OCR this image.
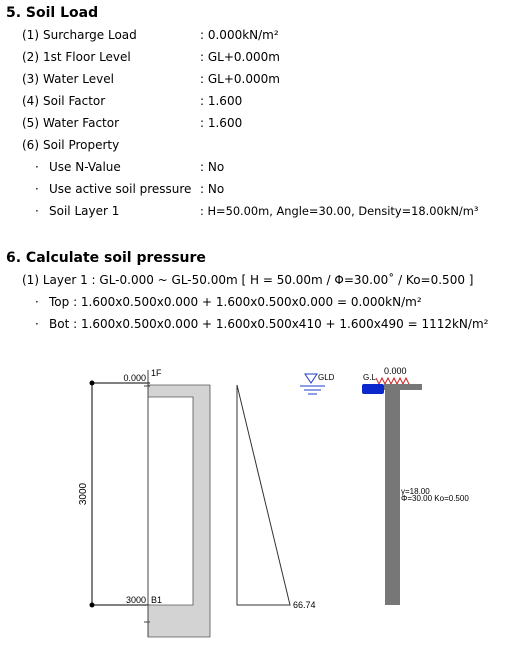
5. Soil Load
(1) Surcharge Load	: 0.000kN/m²
(2) 1st Floor Level	: GL+0.000m
(3) Water Level	: GL+0.000m
(4) Soil Factor	: 1.600
(5) Water Factor	: 1.600
(6) Soil Property
· Use N-Value	: No
· Use active soil pressure : No
· Soil Layer 1	: H=50.00m, Angle=30.00, Density=18.00kN/m³
6. Calculate soil pressure
(1) Layer 1 : GL-0.000 ~ GL-50.00m [ H = 50.00m / Φ=30.00˚ / Ko=0.500 ]
· Top : 1.600x0.500x0.000 + 1.600x0.500x0.000 = 0.000kN/m²
· Bot : 1.600x0.500x0.000 + 1.600x0.500x410 + 1.600x490 = 1112kN/m²
3000
0.000 1F
3000 B1	66.74
GLD
0.000
G.L
γ=18.00
Φ=30.00 Ko=0.500
